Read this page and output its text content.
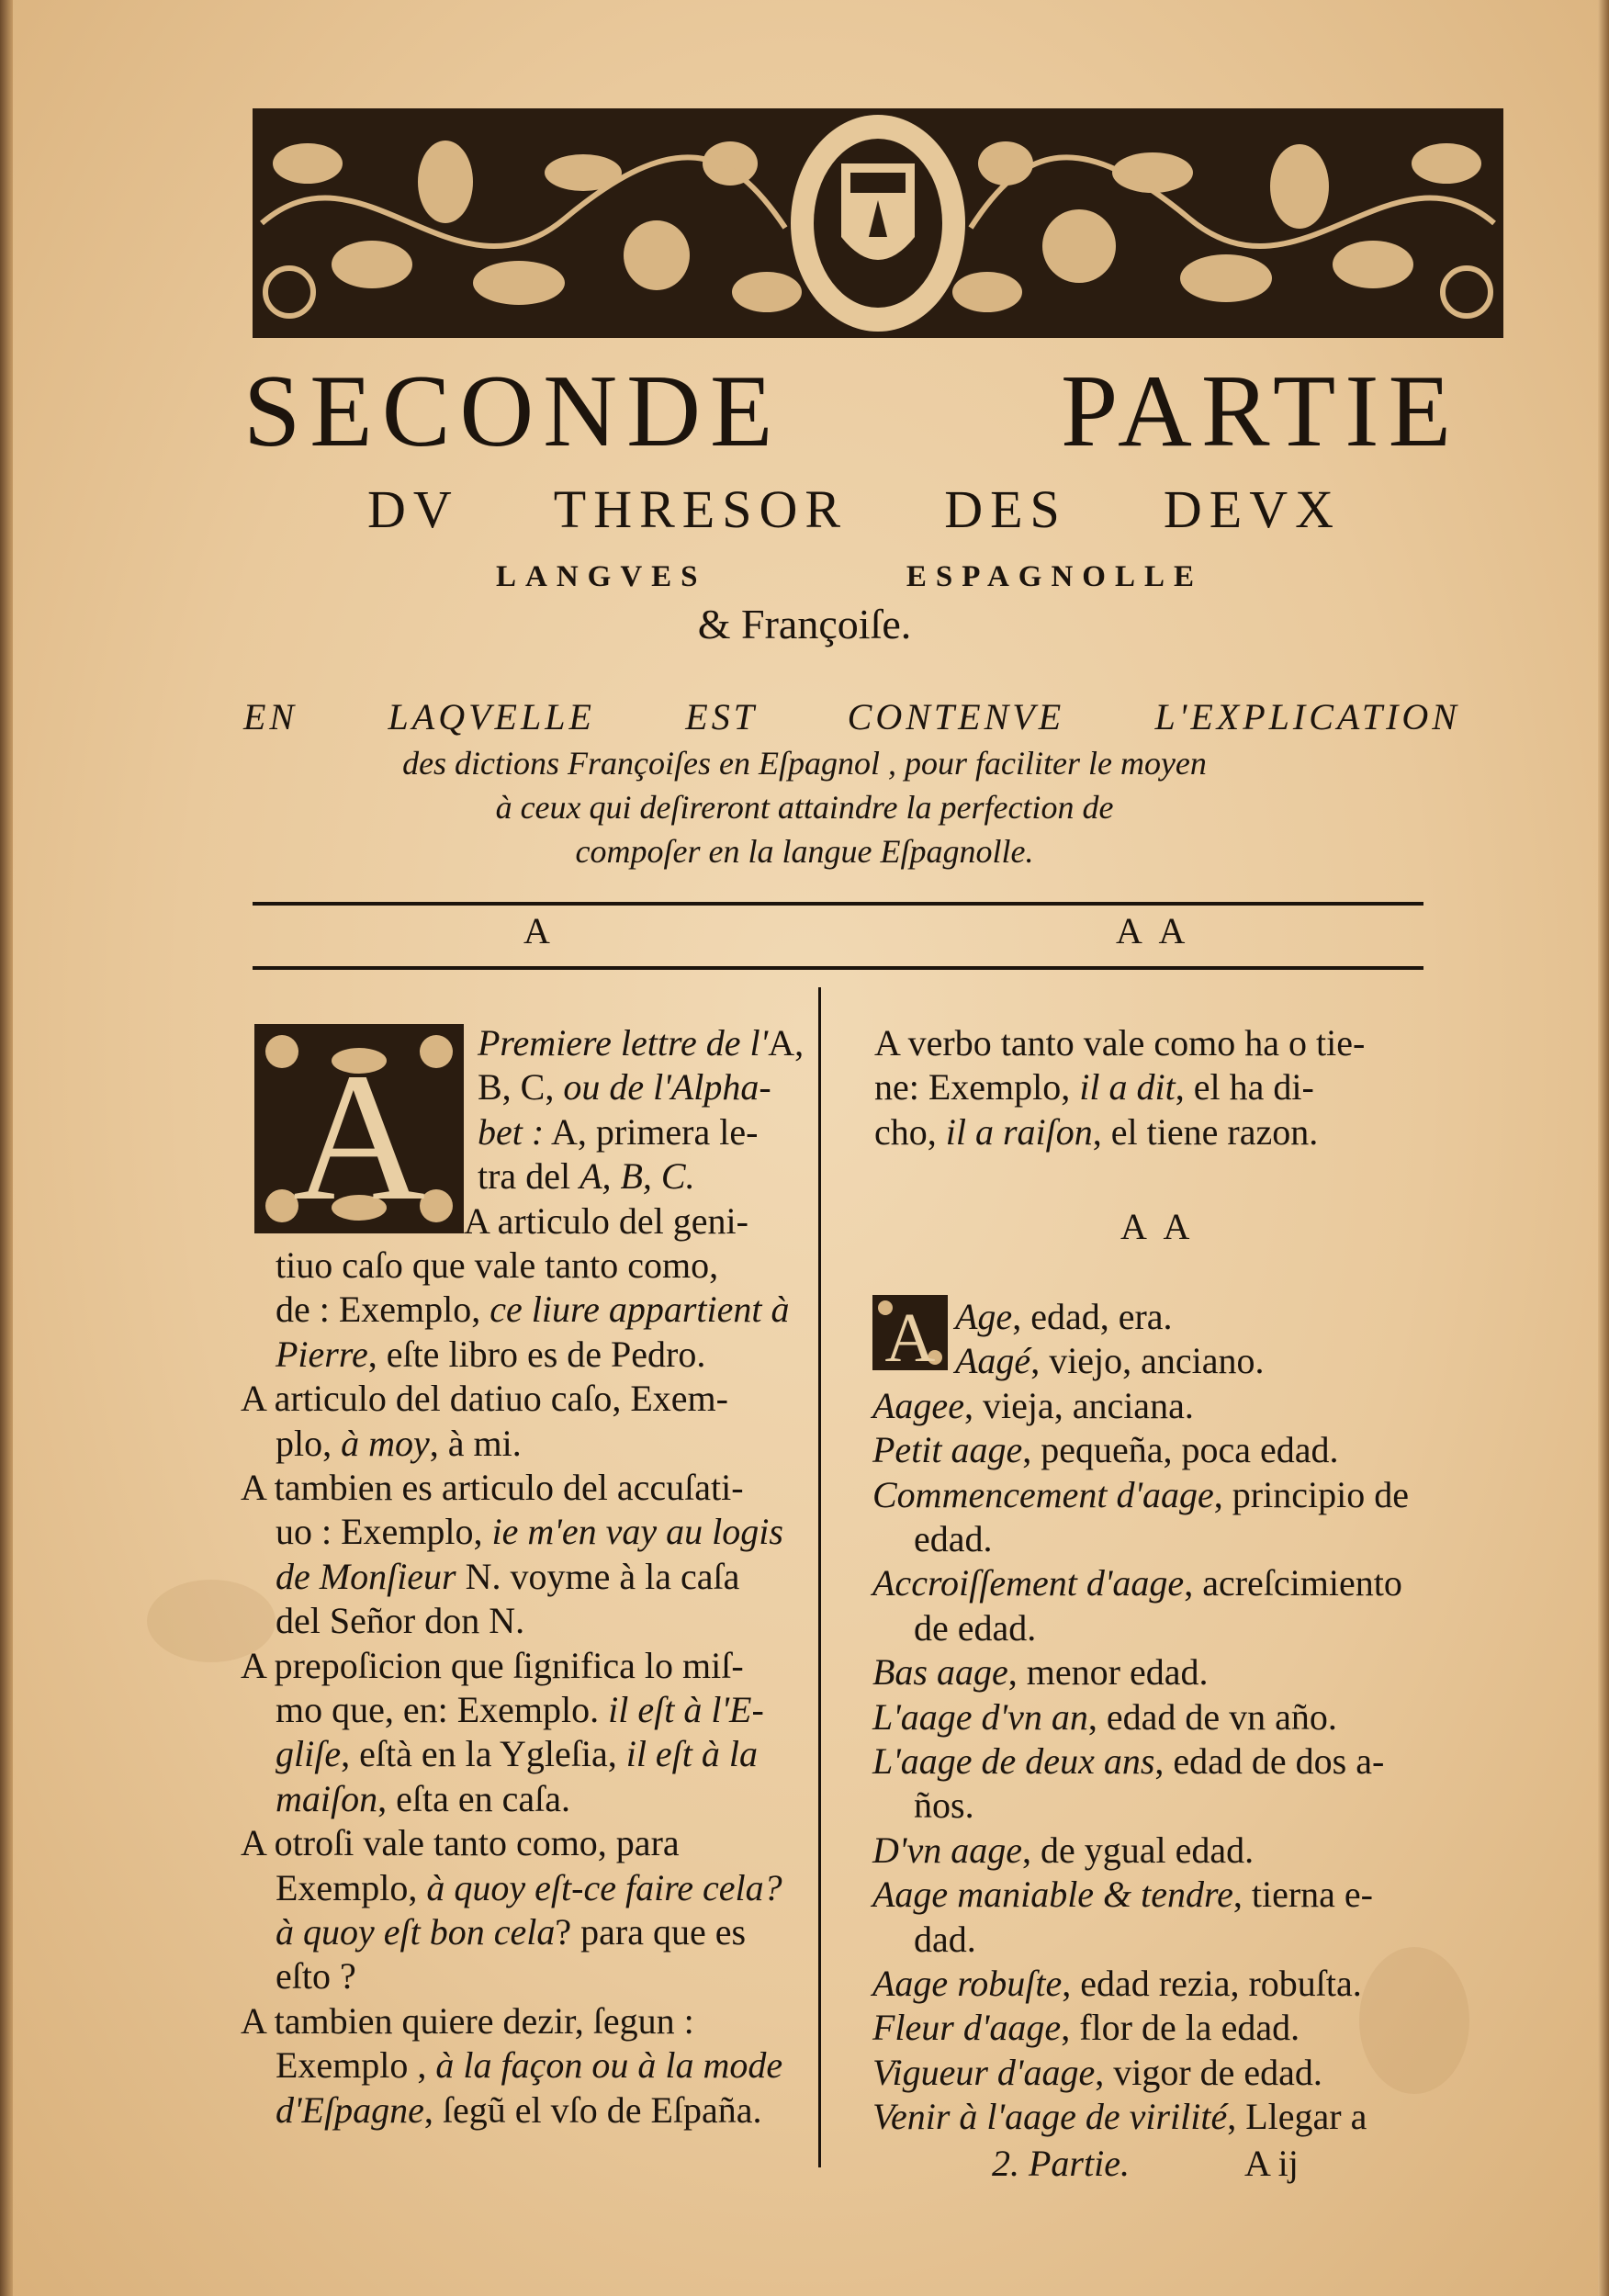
SECONDE PARTIE
DV THRESOR DES DEVX
LANGVES ESPAGNOLLE
& Françoiſe.
EN LAQVELLE EST CONTENVE L'EXPLICATION
des dictions Françoiſes en Eſpagnol , pour faciliter le moyen
à ceux qui deſireront attaindre la perfection de
compoſer en la langue Eſpagnolle.
A	A A
A Premiere lettre de l'A,
B, C, ou de l'Alpha-
bet : A, primera le-
tra del A, B, C.
A articulo del geni-
tiuo caſo que vale tanto como,
de : Exemplo, ce liure appartient à
Pierre, eſte libro es de Pedro.
A articulo del datiuo caſo, Exem-
plo, à moy, à mi.
A tambien es articulo del accuſati-
uo : Exemplo, ie m'en vay au logis
de Monſieur N. voyme à la caſa
del Señor don N.
A prepoſicion que ſignifica lo miſ-
mo que, en: Exemplo. il eſt à l'E-
gliſe, eſtà en la Ygleſia, il eſt à la
maiſon, eſta en caſa.
A otroſi vale tanto como, para
Exemplo, à quoy eſt-ce faire cela?
à quoy eſt bon cela? para que es
eſto ?
A tambien quiere dezir, ſegun :
Exemplo , à la façon ou à la mode
d'Eſpagne, ſegũ el vſo de Eſpaña.
A verbo tanto vale como ha o tie-
ne: Exemplo, il a dit, el ha di-
cho, il a raiſon, el tiene razon.
Age, edad, era.
Aagé, viejo, anciano.
Aagee, vieja, anciana.
Petit aage, pequeña, poca edad.
Commencement d'aage, principio de
edad.
Accroiſſement d'aage, acreſcimiento
de edad.
Bas aage, menor edad.
L'aage d'vn an, edad de vn año.
L'aage de deux ans, edad de dos a-
ños.
D'vn aage, de ygual edad.
Aage maniable & tendre, tierna e-
dad.
Aage robuſte, edad rezia, robuſta.
Fleur d'aage, flor de la edad.
Vigueur d'aage, vigor de edad.
Venir à l'aage de virilité, Llegar a
A A
A
2. Partie.	A ij
